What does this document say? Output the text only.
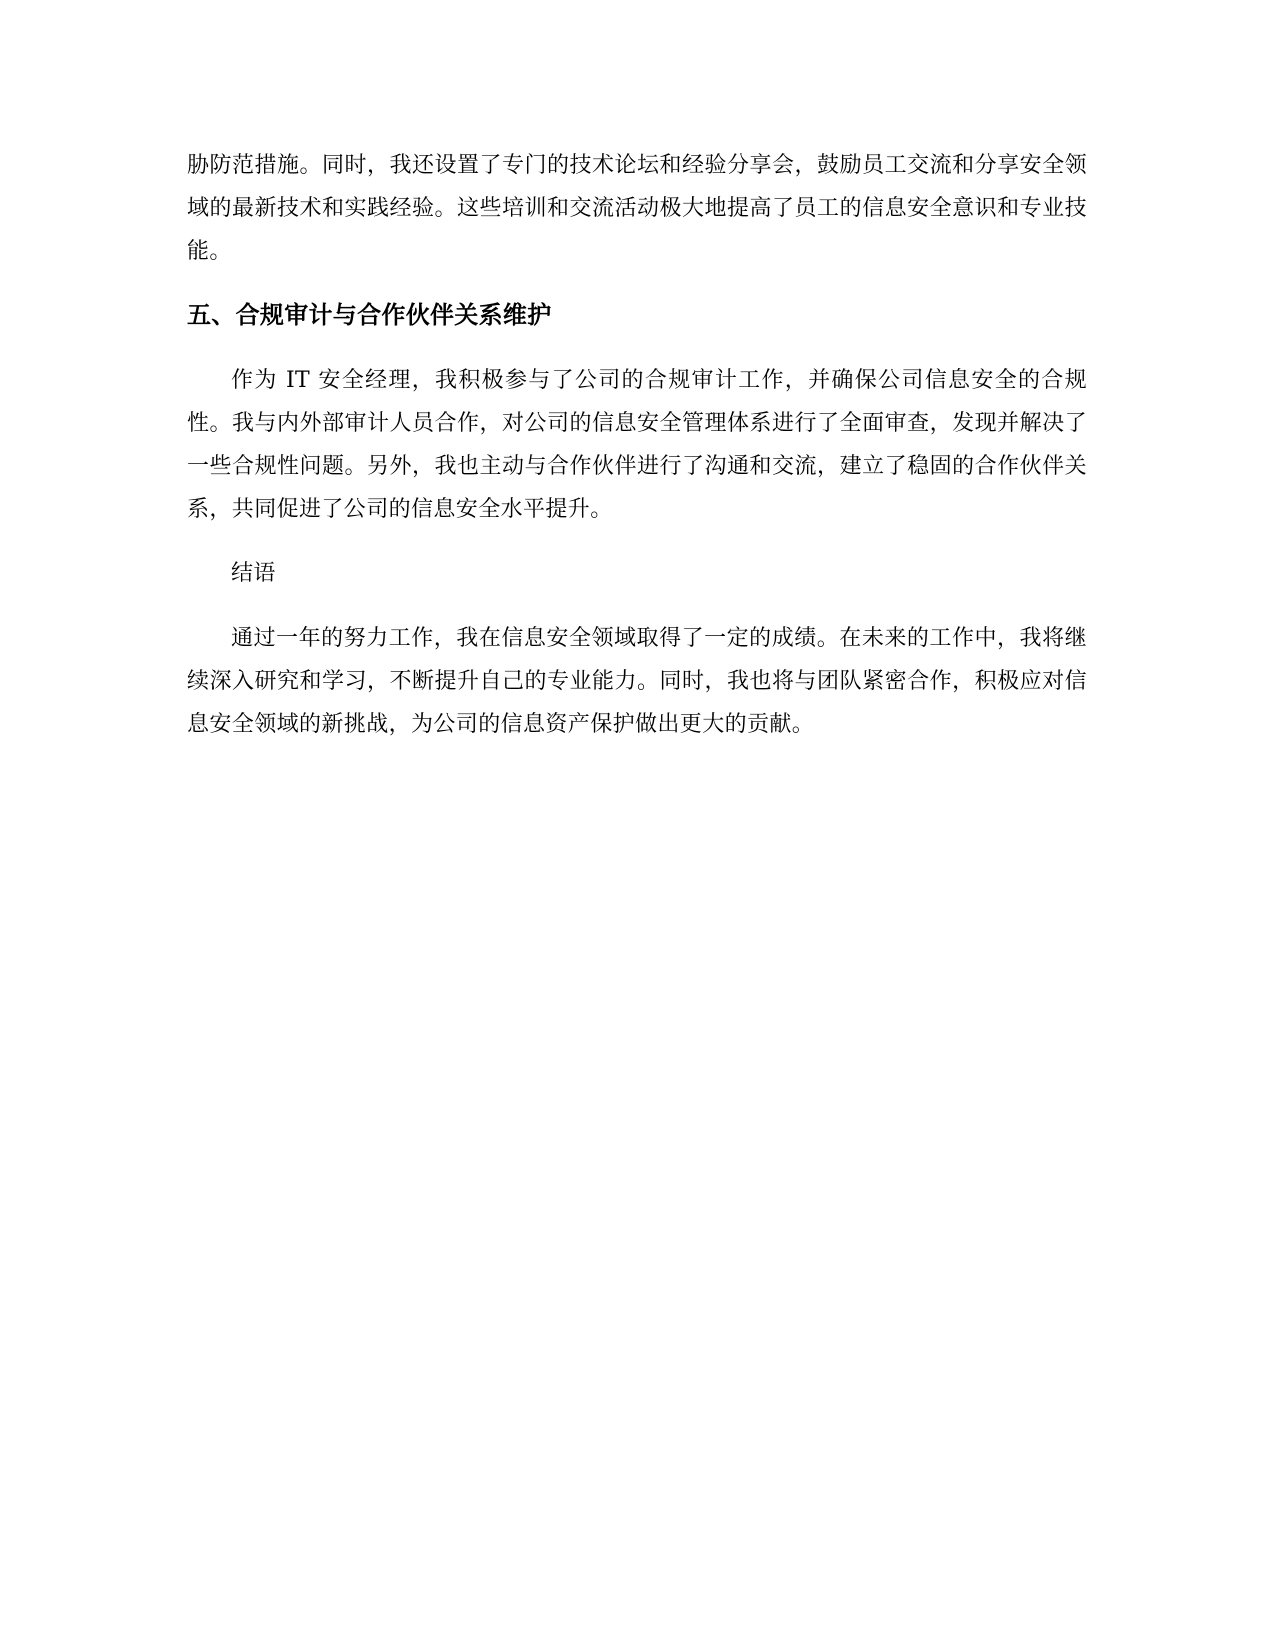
胁防范措施。同时，我还设置了专门的技术论坛和经验分享会，鼓励员工交流和分享安全领域的最新技术和实践经验。这些培训和交流活动极大地提高了员工的信息安全意识和专业技能。

五、合规审计与合作伙伴关系维护

作为 IT 安全经理，我积极参与了公司的合规审计工作，并确保公司信息安全的合规性。我与内外部审计人员合作，对公司的信息安全管理体系进行了全面审查，发现并解决了一些合规性问题。另外，我也主动与合作伙伴进行了沟通和交流，建立了稳固的合作伙伴关系，共同促进了公司的信息安全水平提升。

结语

通过一年的努力工作，我在信息安全领域取得了一定的成绩。在未来的工作中，我将继续深入研究和学习，不断提升自己的专业能力。同时，我也将与团队紧密合作，积极应对信息安全领域的新挑战，为公司的信息资产保护做出更大的贡献。
